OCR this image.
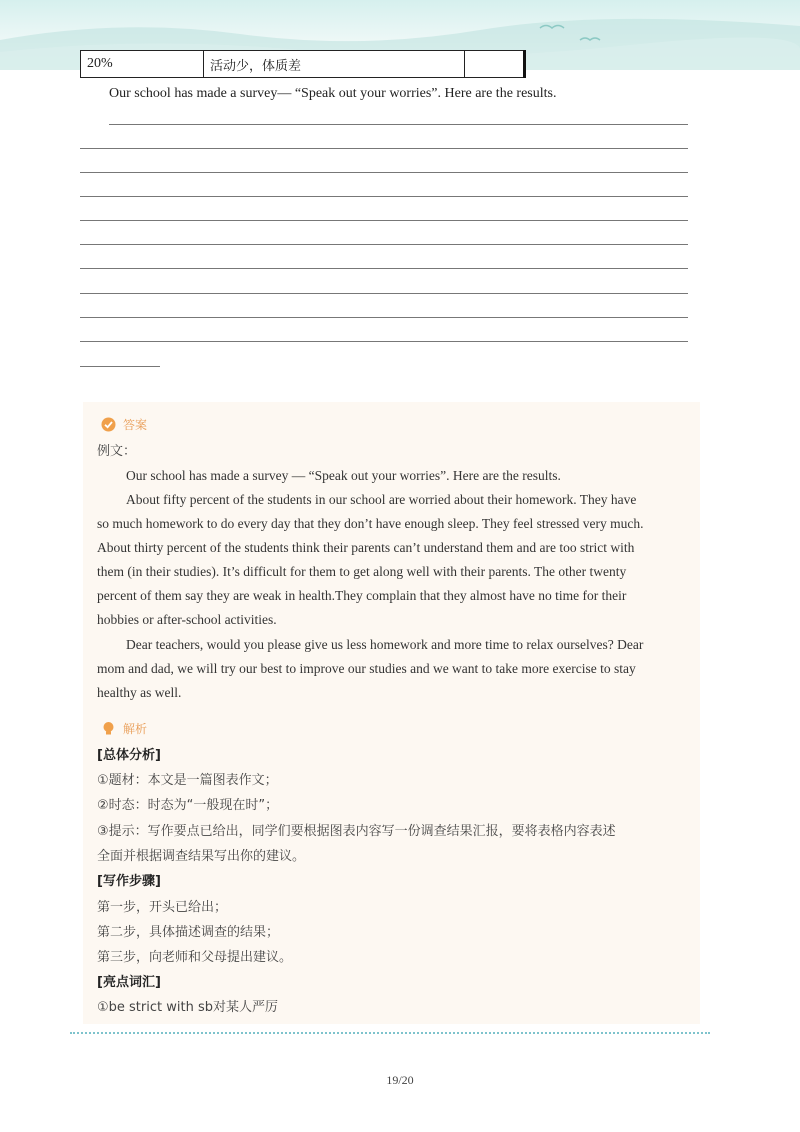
20%	活动少，体质差	
Our school has made a survey— “Speak out your worries”. Here are the results.
答案
例文：
Our school has made a survey — “Speak out your worries”. Here are the results.
About fifty percent of the students in our school are worried about their homework. They have
so much homework to do every day that they don’t have enough sleep. They feel stressed very much.
About thirty percent of the students think their parents can’t understand them and are too strict with
them (in their studies). It’s difficult for them to get along well with their parents. The other twenty
percent of them say they are weak in health.They complain that they almost have no time for their
hobbies or after-school activities.
Dear teachers, would you please give us less homework and more time to relax ourselves? Dear
mom and dad, we will try our best to improve our studies and we want to take more exercise to stay
healthy as well.
解析
[总体分析]
①题材：本文是一篇图表作文；
②时态：时态为“一般现在时”；
③提示：写作要点已给出，同学们要根据图表内容写一份调查结果汇报，要将表格内容表述
全面并根据调查结果写出你的建议。
[写作步骤]
第一步，开头已给出；
第二步，具体描述调查的结果；
第三步，向老师和父母提出建议。
[亮点词汇]
①be strict with sb对某人严厉
19/20
